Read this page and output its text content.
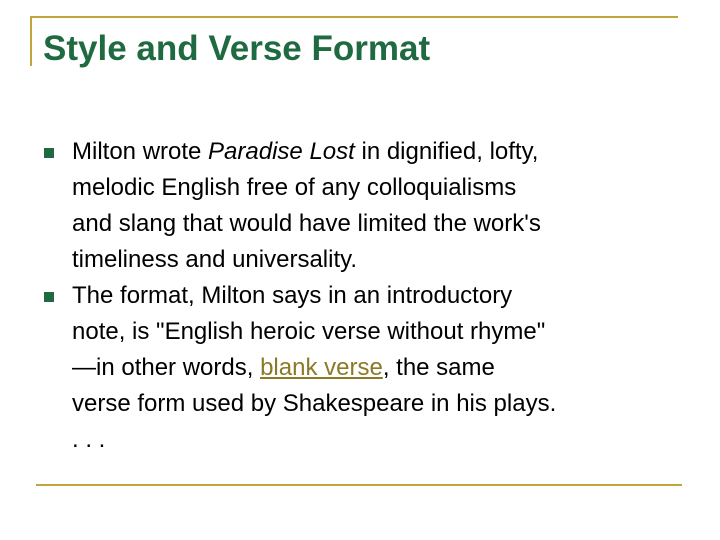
Style and Verse Format
Milton wrote Paradise Lost in dignified, lofty,
melodic English free of any colloquialisms
and slang that would have limited the work's
timeliness and universality.
The format, Milton says in an introductory
note, is "English heroic verse without rhyme"
—in other words, blank verse, the same
verse form used by Shakespeare in his plays.
. . .
